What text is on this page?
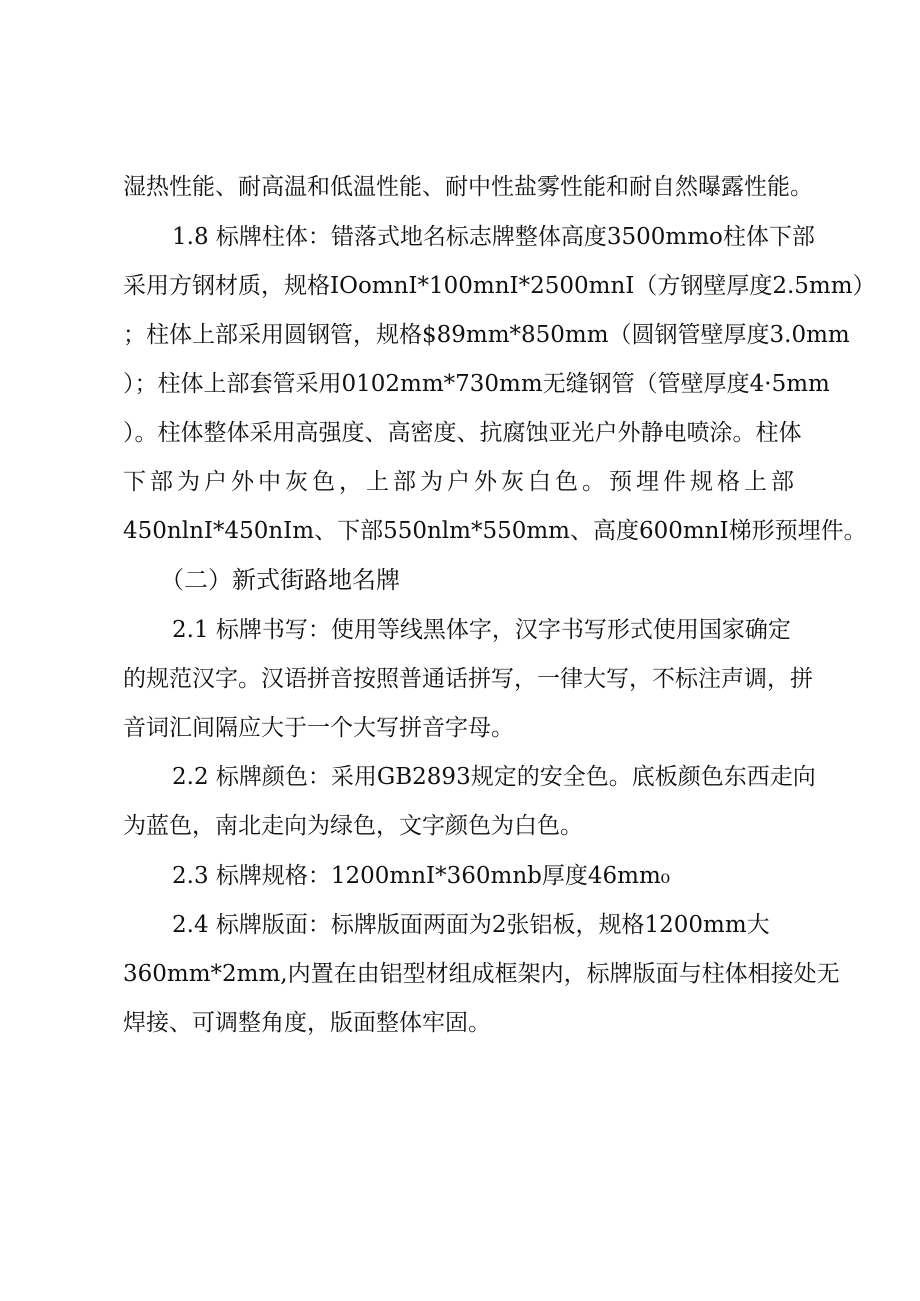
湿热性能、耐高温和低温性能、耐中性盐雾性能和耐自然曝露性能。
1.8 标牌柱体：错落式地名标志牌整体高度3500mmo柱体下部
采用方钢材质，规格IOomnI*100mnI*2500mnI（方钢壁厚度2.5mm）
；柱体上部采用圆钢管，规格$89mm*850mm（圆钢管壁厚度3.0mm
）；柱体上部套管采用0102mm*730mm无缝钢管（管壁厚度4·5mm
）。柱体整体采用高强度、高密度、抗腐蚀亚光户外静电喷涂。柱体
下部为户外中灰色，上部为户外灰白色。预埋件规格上部
450nlnI*450nIm、下部550nlm*550mm、高度600mnI梯形预埋件。
（二）新式街路地名牌
2.1 标牌书写：使用等线黑体字，汉字书写形式使用国家确定
的规范汉字。汉语拼音按照普通话拼写，一律大写，不标注声调，拼
音词汇间隔应大于一个大写拼音字母。
2.2 标牌颜色：采用GB2893规定的安全色。底板颜色东西走向
为蓝色，南北走向为绿色，文字颜色为白色。
2.3 标牌规格：1200mnI*360mnb厚度46mm₀
2.4 标牌版面：标牌版面两面为2张铝板，规格1200mm大
360mm*2mm,内置在由铝型材组成框架内，标牌版面与柱体相接处无
焊接、可调整角度，版面整体牢固。
